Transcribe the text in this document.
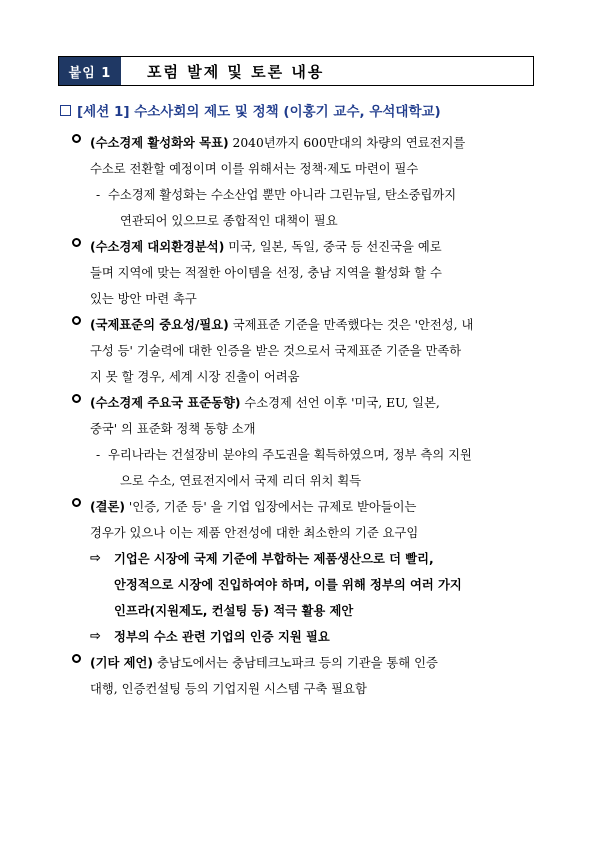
붙임 1	포럼 발제 및 토론 내용
[세션 1] 수소사회의 제도 및 정책 (이홍기 교수, 우석대학교)
(수소경제 활성화와 목표) 2040년까지 600만대의 차량의 연료전지를
수소로 전환할 예정이며 이를 위해서는 정책·제도 마련이 필수
- 수소경제 활성화는 수소산업 뿐만 아니라 그린뉴딜, 탄소중립까지
연관되어 있으므로 종합적인 대책이 필요
(수소경제 대외환경분석) 미국, 일본, 독일, 중국 등 선진국을 예로
들며 지역에 맞는 적절한 아이템을 선정, 충남 지역을 활성화 할 수
있는 방안 마련 촉구
(국제표준의 중요성/필요) 국제표준 기준을 만족했다는 것은 '안전성, 내
구성 등' 기술력에 대한 인증을 받은 것으로서 국제표준 기준을 만족하
지 못 할 경우, 세계 시장 진출이 어려움
(수소경제 주요국 표준동향) 수소경제 선언 이후 '미국, EU, 일본,
중국' 의 표준화 정책 동향 소개
- 우리나라는 건설장비 분야의 주도권을 획득하였으며, 정부 측의 지원
으로 수소, 연료전지에서 국제 리더 위치 획득
(결론) '인증, 기준 등' 을 기업 입장에서는 규제로 받아들이는
경우가 있으나 이는 제품 안전성에 대한 최소한의 기준 요구임
⇨ 기업은 시장에 국제 기준에 부합하는 제품생산으로 더 빨리,
안정적으로 시장에 진입하여야 하며, 이를 위해 정부의 여러 가지
인프라(지원제도, 컨설팅 등) 적극 활용 제안
⇨ 정부의 수소 관련 기업의 인증 지원 필요
(기타 제언) 충남도에서는 충남테크노파크 등의 기관을 통해 인증
대행, 인증컨설팅 등의 기업지원 시스템 구축 필요함
